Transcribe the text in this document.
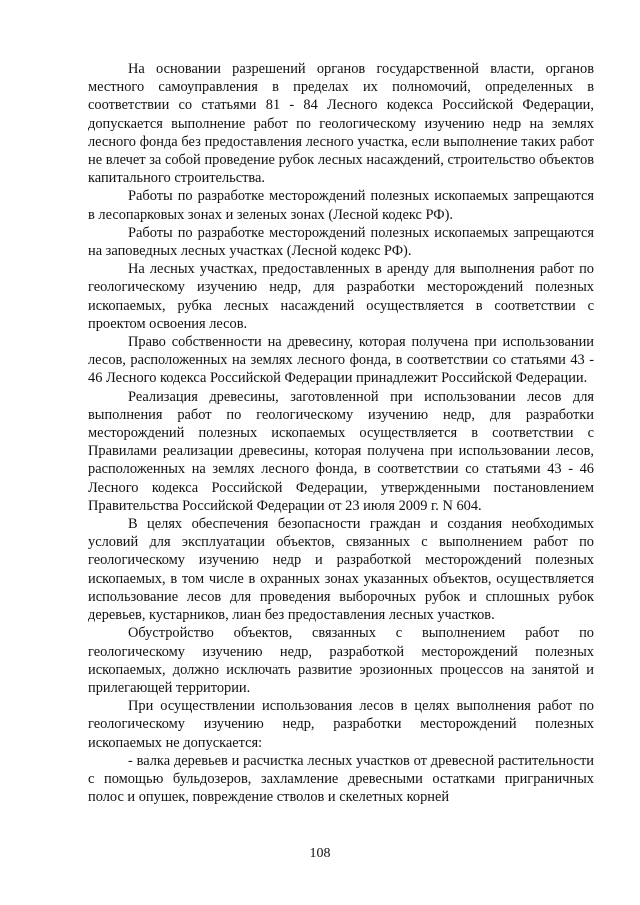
На основании разрешений органов государственной власти, органов местного самоуправления в пределах их полномочий, определенных в соответствии со статьями 81 - 84 Лесного кодекса Российской Федерации, допускается выполнение работ по геологическому изучению недр на землях лесного фонда без предоставления лесного участка, если выполнение таких работ не влечет за собой проведение рубок лесных насаждений, строительство объектов капитального строительства.

Работы по разработке месторождений полезных ископаемых запрещаются в лесопарковых зонах и зеленых зонах (Лесной кодекс РФ).

Работы по разработке месторождений полезных ископаемых запрещаются на заповедных лесных участках (Лесной кодекс РФ).

На лесных участках, предоставленных в аренду для выполнения работ по геологическому изучению недр, для разработки месторождений полезных ископаемых, рубка лесных насаждений осуществляется в соответствии с проектом освоения лесов.

Право собственности на древесину, которая получена при использовании лесов, расположенных на землях лесного фонда, в соответствии со статьями 43 - 46 Лесного кодекса Российской Федерации принадлежит Российской Федерации.

Реализация древесины, заготовленной при использовании лесов для выполнения работ по геологическому изучению недр, для разработки месторождений полезных ископаемых осуществляется в соответствии с Правилами реализации древесины, которая получена при использовании лесов, расположенных на землях лесного фонда, в соответствии со статьями 43 - 46 Лесного кодекса Российской Федерации, утвержденными постановлением Правительства Российской Федерации от 23 июля 2009 г. N 604.

В целях обеспечения безопасности граждан и создания необходимых условий для эксплуатации объектов, связанных с выполнением работ по геологическому изучению недр и разработкой месторождений полезных ископаемых, в том числе в охранных зонах указанных объектов, осуществляется использование лесов для проведения выборочных рубок и сплошных рубок деревьев, кустарников, лиан без предоставления лесных участков.

Обустройство объектов, связанных с выполнением работ по геологическому изучению недр, разработкой месторождений полезных ископаемых, должно исключать развитие эрозионных процессов на занятой и прилегающей территории.

При осуществлении использования лесов в целях выполнения работ по геологическому изучению недр, разработки месторождений полезных ископаемых не допускается:

- валка деревьев и расчистка лесных участков от древесной растительности с помощью бульдозеров, захламление древесными остатками приграничных полос и опушек, повреждение стволов и скелетных корней

108
